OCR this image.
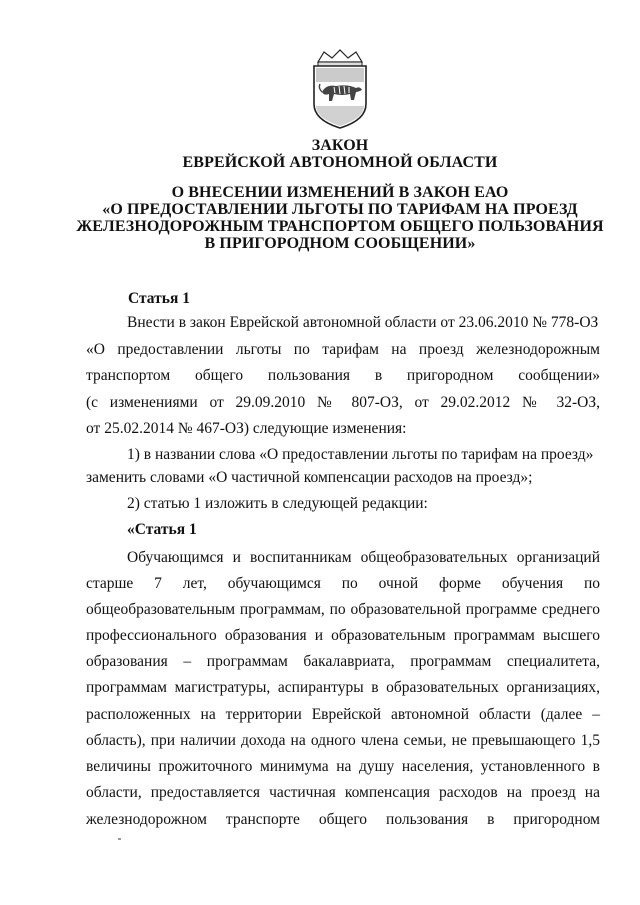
ЗАКОН
ЕВРЕЙСКОЙ АВТОНОМНОЙ ОБЛАСТИ
О ВНЕСЕНИИ ИЗМЕНЕНИЙ В ЗАКОН ЕАО
«О ПРЕДОСТАВЛЕНИИ ЛЬГОТЫ ПО ТАРИФАМ НА ПРОЕЗД
ЖЕЛЕЗНОДОРОЖНЫМ ТРАНСПОРТОМ ОБЩЕГО ПОЛЬЗОВАНИЯ
В ПРИГОРОДНОМ СООБЩЕНИИ»
Статья 1
Внести в закон Еврейской автономной области от 23.06.2010 № 778-ОЗ
«О предоставлении льготы по тарифам на проезд железнодорожным
транспортом общего пользования в пригородном сообщении»
(с изменениями от 29.09.2010 № 807-ОЗ, от 29.02.2012 № 32-ОЗ,
от 25.02.2014 № 467-ОЗ) следующие изменения:
1) в названии слова «О предоставлении льготы по тарифам на проезд»
заменить словами «О частичной компенсации расходов на проезд»;
2) статью 1 изложить в следующей редакции:
«Статья 1
Обучающимся и воспитанникам общеобразовательных организаций
старше 7 лет, обучающимся по очной форме обучения по
общеобразовательным программам, по образовательной программе среднего
профессионального образования и образовательным программам высшего
образования – программам бакалавриата, программам специалитета,
программам магистратуры, аспирантуры в образовательных организациях,
расположенных на территории Еврейской автономной области (далее –
область), при наличии дохода на одного члена семьи, не превышающего 1,5
величины прожиточного минимума на душу населения, установленного в
области, предоставляется частичная компенсация расходов на проезд на
железнодорожном транспорте общего пользования в пригородном
